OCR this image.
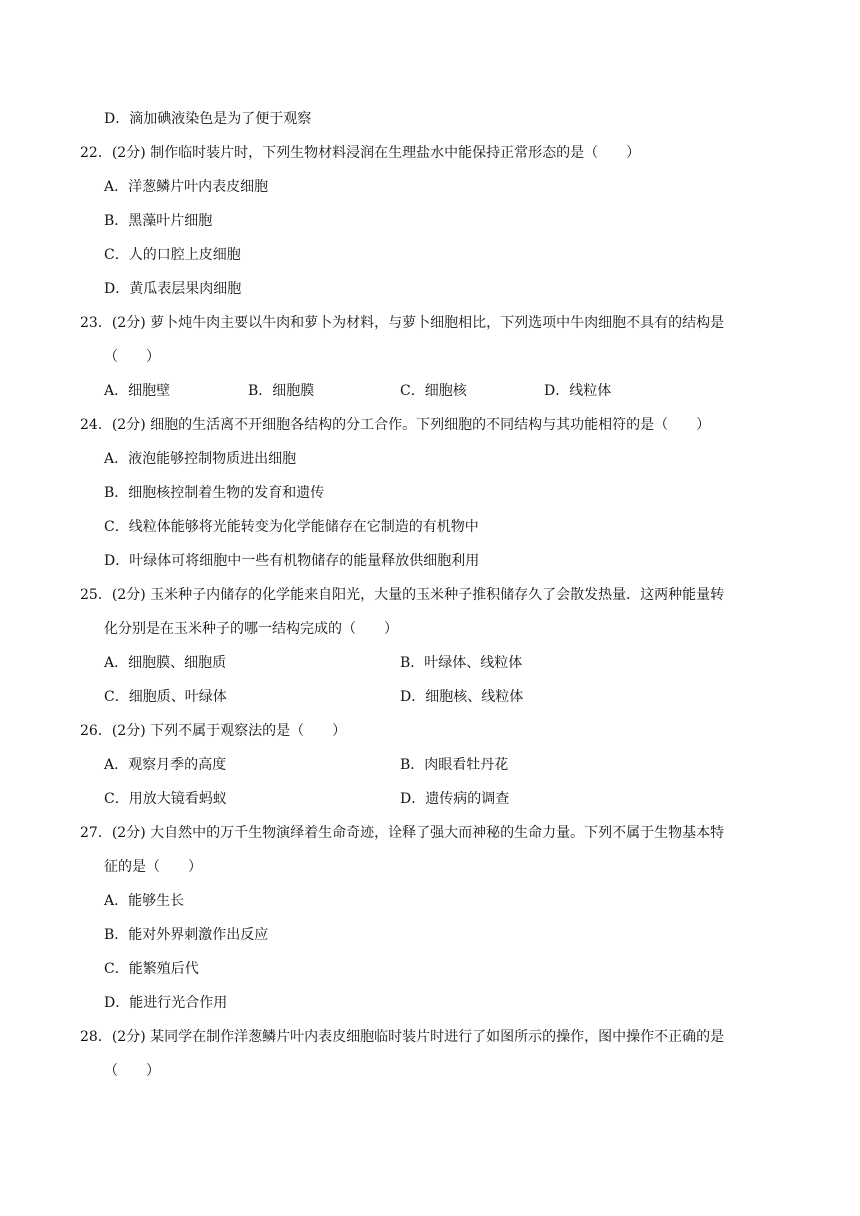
D．滴加碘液染色是为了便于观察
22．(2分) 制作临时装片时，下列生物材料浸润在生理盐水中能保持正常形态的是（　　）
A．洋葱鳞片叶内表皮细胞
B．黑藻叶片细胞
C．人的口腔上皮细胞
D．黄瓜表层果肉细胞
23．(2分) 萝卜炖牛肉主要以牛肉和萝卜为材料，与萝卜细胞相比，下列选项中牛肉细胞不具有的结构是
（　　）
A．细胞壁	B．细胞膜	C．细胞核	D．线粒体
24．(2分) 细胞的生活离不开细胞各结构的分工合作。下列细胞的不同结构与其功能相符的是（　　）
A．液泡能够控制物质进出细胞
B．细胞核控制着生物的发育和遗传
C．线粒体能够将光能转变为化学能储存在它制造的有机物中
D．叶绿体可将细胞中一些有机物储存的能量释放供细胞利用
25．(2分) 玉米种子内储存的化学能来自阳光，大量的玉米种子推积储存久了会散发热量．这两种能量转
化分别是在玉米种子的哪一结构完成的（　　）
A．细胞膜、细胞质	B．叶绿体、线粒体
C．细胞质、叶绿体	D．细胞核、线粒体
26．(2分) 下列不属于观察法的是（　　）
A．观察月季的高度	B．肉眼看牡丹花
C．用放大镜看蚂蚁	D．遗传病的调查
27．(2分) 大自然中的万千生物演绎着生命奇迹，诠释了强大而神秘的生命力量。下列不属于生物基本特
征的是（　　）
A．能够生长
B．能对外界刺激作出反应
C．能繁殖后代
D．能进行光合作用
28．(2分) 某同学在制作洋葱鳞片叶内表皮细胞临时装片时进行了如图所示的操作，图中操作不正确的是
（　　）
